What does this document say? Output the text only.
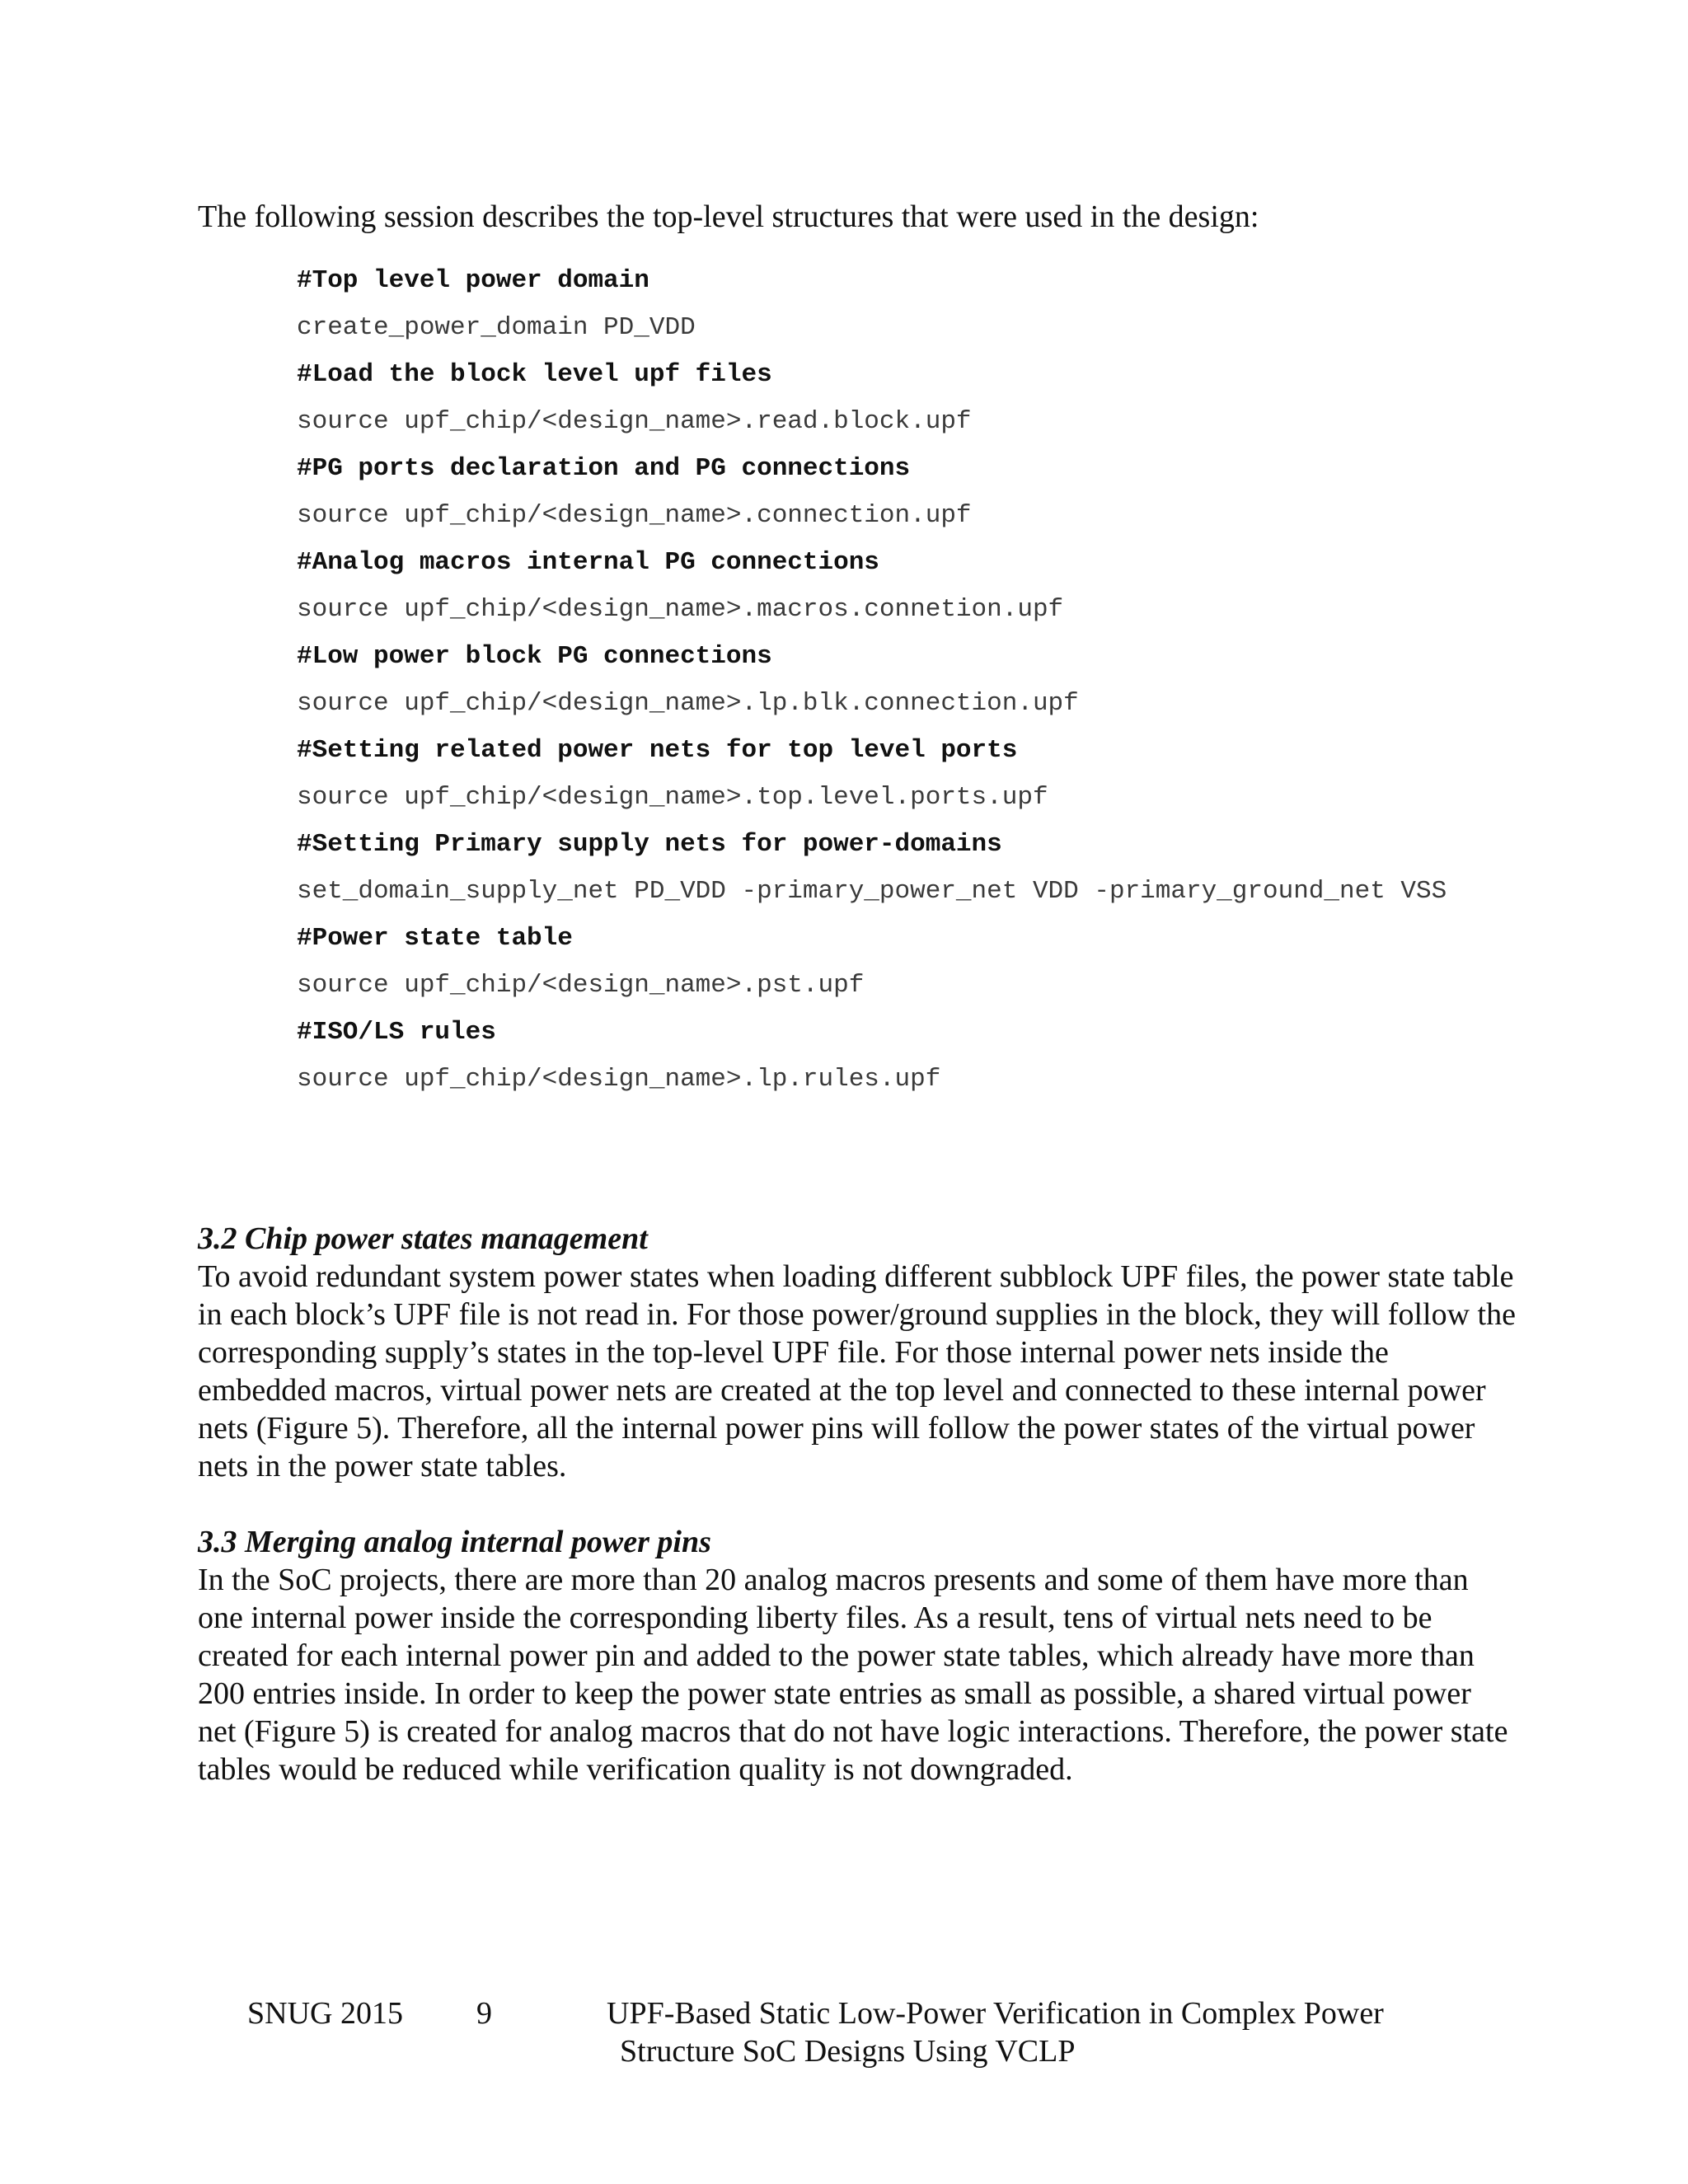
The following session describes the top-level structures that were used in the design:

#Top level power domain
create_power_domain PD_VDD
#Load the block level upf files
source upf_chip/<design_name>.read.block.upf
#PG ports declaration and PG connections
source upf_chip/<design_name>.connection.upf
#Analog macros internal PG connections
source upf_chip/<design_name>.macros.connetion.upf
#Low power block PG connections
source upf_chip/<design_name>.lp.blk.connection.upf
#Setting related power nets for top level ports
source upf_chip/<design_name>.top.level.ports.upf
#Setting Primary supply nets for power-domains
set_domain_supply_net PD_VDD -primary_power_net VDD -primary_ground_net VSS
#Power state table
source upf_chip/<design_name>.pst.upf
#ISO/LS rules
source upf_chip/<design_name>.lp.rules.upf
3.2 Chip power states management

To avoid redundant system power states when loading different subblock UPF files, the power state table in each block’s UPF file is not read in. For those power/ground supplies in the block, they will follow the corresponding supply’s states in the top-level UPF file. For those internal power nets inside the embedded macros, virtual power nets are created at the top level and connected to these internal power nets (Figure 5). Therefore, all the internal power pins will follow the power states of the virtual power nets in the power state tables.

3.3 Merging analog internal power pins

In the SoC projects, there are more than 20 analog macros presents and some of them have more than one internal power inside the corresponding liberty files. As a result, tens of virtual nets need to be created for each internal power pin and added to the power state tables, which already have more than 200 entries inside. In order to keep the power state entries as small as possible, a shared virtual power net (Figure 5) is created for analog macros that do not have logic interactions. Therefore, the power state tables would be reduced while verification quality is not downgraded.

SNUG 2015 9	UPF-Based Static Low-Power Verification in Complex Power
Structure SoC Designs Using VCLP
